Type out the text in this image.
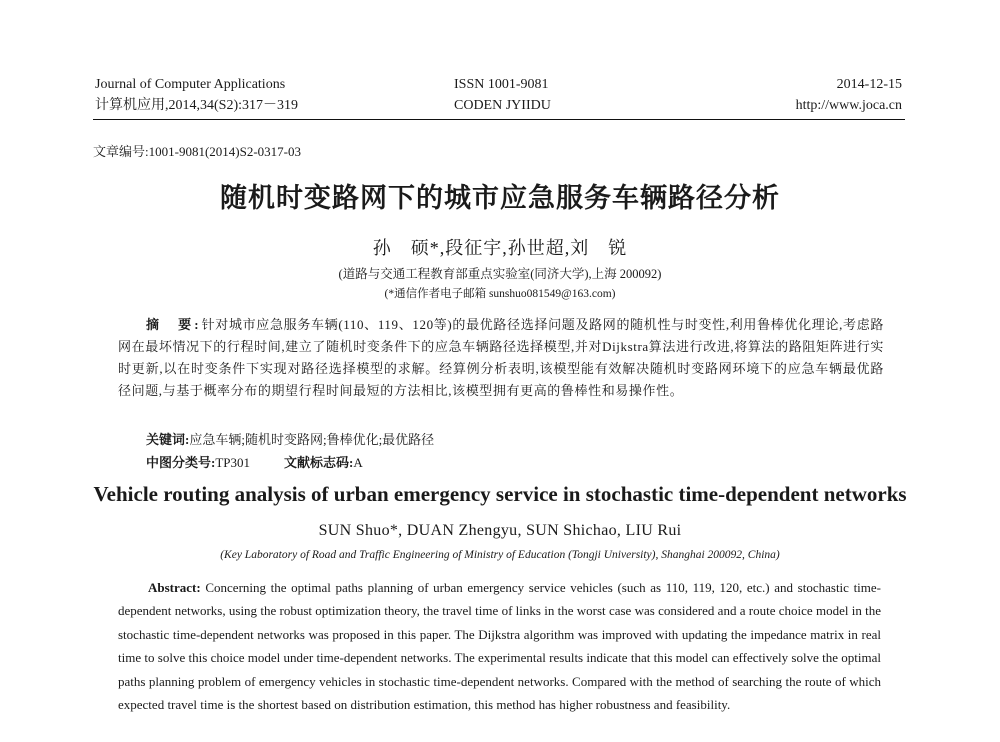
Journal of Computer Applications
计算机应用,2014,34(S2):317－319
ISSN 1001-9081
CODEN JYIIDU
2014-12-15
http://www.joca.cn
文章编号:1001-9081(2014)S2-0317-03
随机时变路网下的城市应急服务车辆路径分析
孙　硕*,段征宇,孙世超,刘　锐
(道路与交通工程教育部重点实验室(同济大学),上海 200092)
(*通信作者电子邮箱 sunshuo081549@163.com)
摘　要:针对城市应急服务车辆(110、119、120等)的最优路径选择问题及路网的随机性与时变性,利用鲁棒优化理论,考虑路网在最坏情况下的行程时间,建立了随机时变条件下的应急车辆路径选择模型,并对Dijkstra算法进行改进,将算法的路阻矩阵进行实时更新,以在时变条件下实现对路径选择模型的求解。经算例分析表明,该模型能有效解决随机时变路网环境下的应急车辆最优路径问题,与基于概率分布的期望行程时间最短的方法相比,该模型拥有更高的鲁棒性和易操作性。
关键词:应急车辆;随机时变路网;鲁棒优化;最优路径
中图分类号:TP301	文献标志码:A
Vehicle routing analysis of urban emergency service in stochastic time-dependent networks
SUN Shuo*, DUAN Zhengyu, SUN Shichao, LIU Rui
(Key Laboratory of Road and Traffic Engineering of Ministry of Education (Tongji University), Shanghai 200092, China)
Abstract: Concerning the optimal paths planning of urban emergency service vehicles (such as 110, 119, 120, etc.) and stochastic time-dependent networks, using the robust optimization theory, the travel time of links in the worst case was considered and a route choice model in the stochastic time-dependent networks was proposed in this paper. The Dijkstra algorithm was improved with updating the impedance matrix in real time to solve this choice model under time-dependent networks. The experimental results indicate that this model can effectively solve the optimal paths planning problem of emergency vehicles in stochastic time-dependent networks. Compared with the method of searching the route of which expected travel time is the shortest based on distribution estimation, this method has higher robustness and feasibility.
